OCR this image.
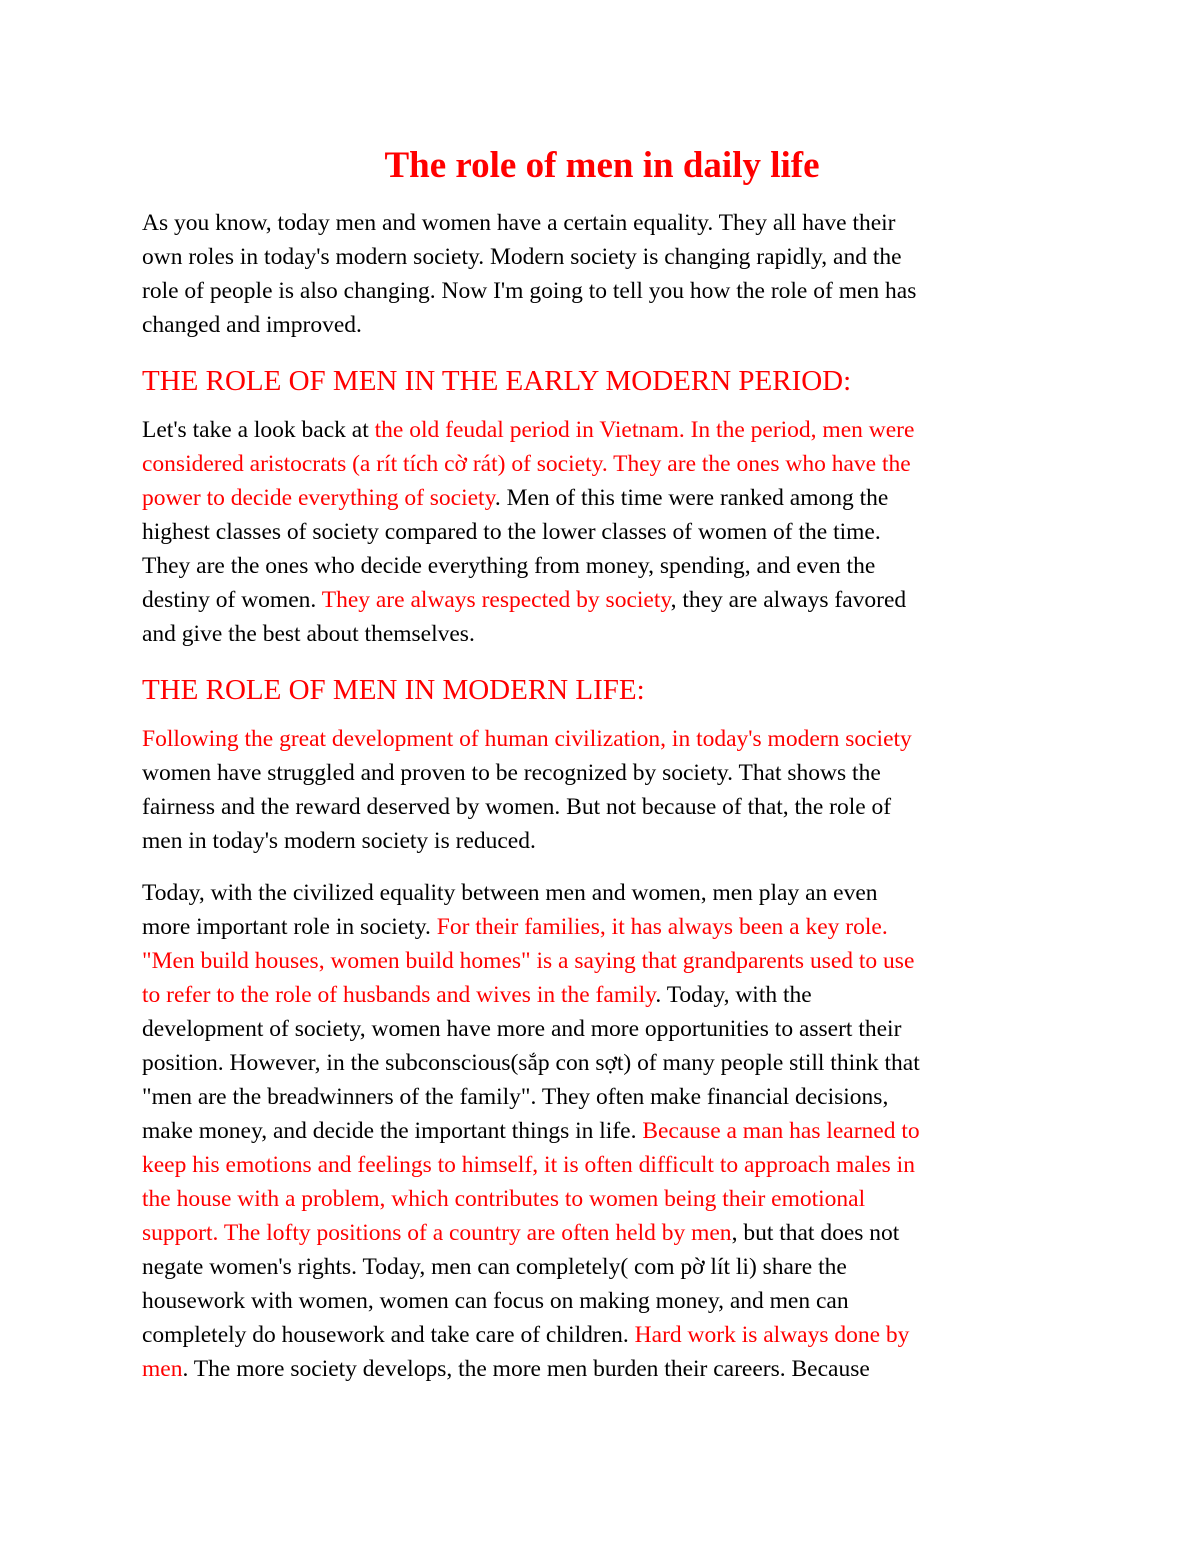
The role of men in daily life

As you know, today men and women have a certain equality. They all have their
own roles in today's modern society. Modern society is changing rapidly, and the
role of people is also changing. Now I'm going to tell you how the role of men has
changed and improved.

THE ROLE OF MEN IN THE EARLY MODERN PERIOD:

Let's take a look back at the old feudal period in Vietnam. In the period, men were
considered aristocrats (a rít tích cờ rát) of society. They are the ones who have the
power to decide everything of society. Men of this time were ranked among the
highest classes of society compared to the lower classes of women of the time.
They are the ones who decide everything from money, spending, and even the
destiny of women. They are always respected by society, they are always favored
and give the best about themselves.

THE ROLE OF MEN IN MODERN LIFE:

Following the great development of human civilization, in today's modern society
women have struggled and proven to be recognized by society. That shows the
fairness and the reward deserved by women. But not because of that, the role of
men in today's modern society is reduced.

Today, with the civilized equality between men and women, men play an even
more important role in society. For their families, it has always been a key role.
"Men build houses, women build homes" is a saying that grandparents used to use
to refer to the role of husbands and wives in the family. Today, with the
development of society, women have more and more opportunities to assert their
position. However, in the subconscious(sắp con sợt) of many people still think that
"men are the breadwinners of the family". They often make financial decisions,
make money, and decide the important things in life. Because a man has learned to
keep his emotions and feelings to himself, it is often difficult to approach males in
the house with a problem, which contributes to women being their emotional
support. The lofty positions of a country are often held by men, but that does not
negate women's rights. Today, men can completely( com pờ lít li) share the
housework with women, women can focus on making money, and men can
completely do housework and take care of children. Hard work is always done by
men. The more society develops, the more men burden their careers. Because
